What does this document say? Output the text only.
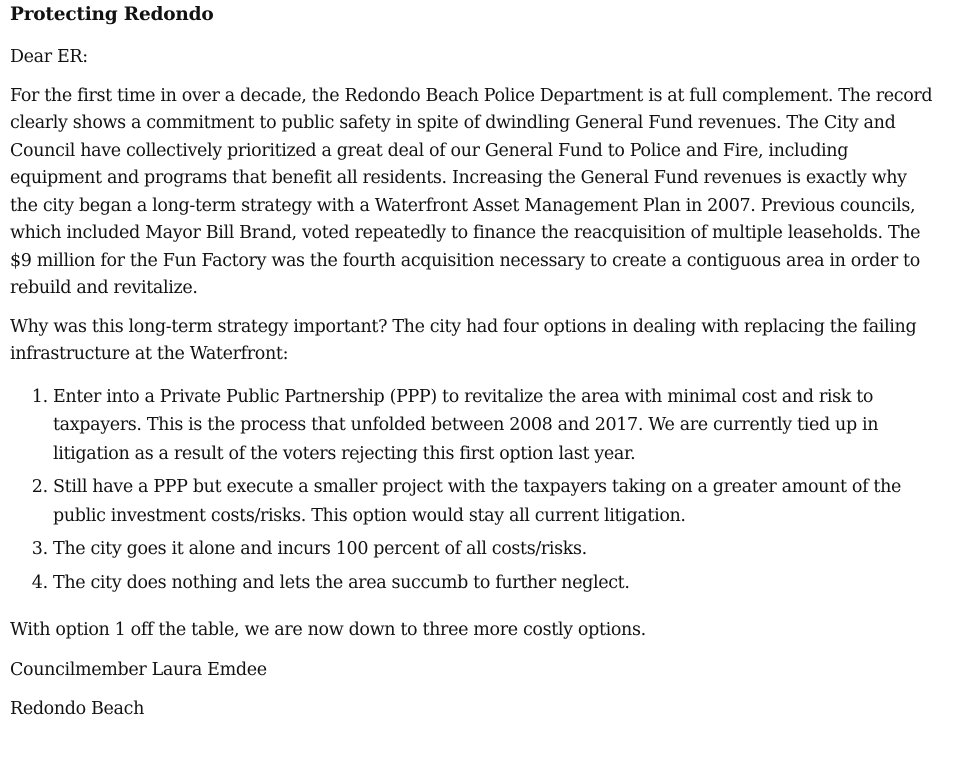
Protecting Redondo

Dear ER:

For the first time in over a decade, the Redondo Beach Police Department is at full complement. The record clearly shows a commitment to public safety in spite of dwindling General Fund revenues. The City and Council have collectively prioritized a great deal of our General Fund to Police and Fire, including equipment and programs that benefit all residents. Increasing the General Fund revenues is exactly why the city began a long-term strategy with a Waterfront Asset Management Plan in 2007. Previous councils, which included Mayor Bill Brand, voted repeatedly to finance the reacquisition of multiple leaseholds. The $9 million for the Fun Factory was the fourth acquisition necessary to create a contiguous area in order to rebuild and revitalize.

Why was this long-term strategy important? The city had four options in dealing with replacing the failing infrastructure at the Waterfront:

1. Enter into a Private Public Partnership (PPP) to revitalize the area with minimal cost and risk to taxpayers. This is the process that unfolded between 2008 and 2017. We are currently tied up in litigation as a result of the voters rejecting this first option last year.
2. Still have a PPP but execute a smaller project with the taxpayers taking on a greater amount of the public investment costs/risks. This option would stay all current litigation.
3. The city goes it alone and incurs 100 percent of all costs/risks.
4. The city does nothing and lets the area succumb to further neglect.

With option 1 off the table, we are now down to three more costly options.

Councilmember Laura Emdee

Redondo Beach
